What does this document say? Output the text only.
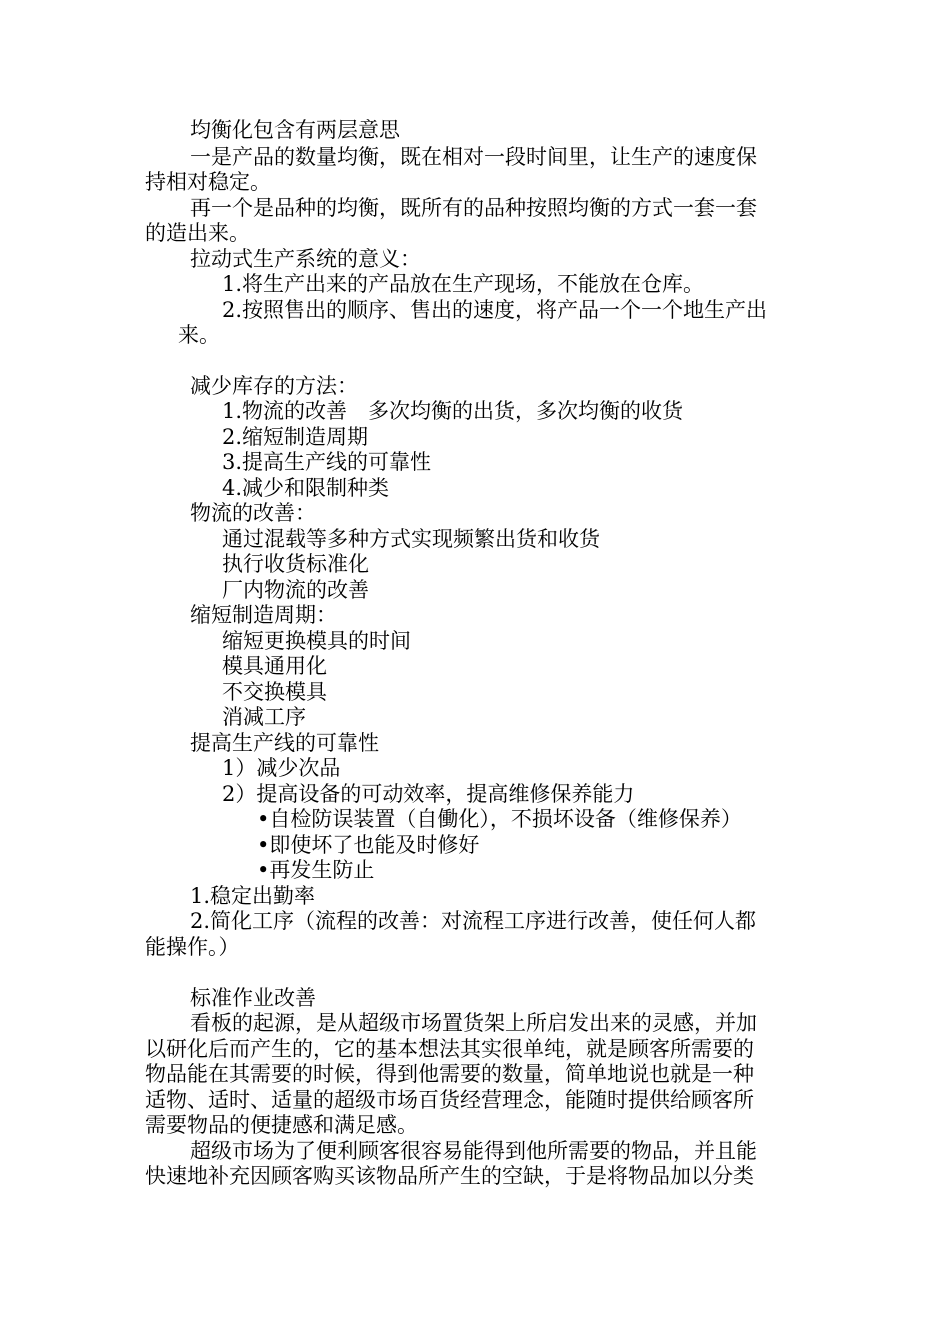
均衡化包含有两层意思
一是产品的数量均衡，既在相对一段时间里，让生产的速度保
持相对稳定。
再一个是品种的均衡，既所有的品种按照均衡的方式一套一套
的造出来。
拉动式生产系统的意义：
1.将生产出来的产品放在生产现场，不能放在仓库。
2.按照售出的顺序、售出的速度，将产品一个一个地生产出
来。
减少库存的方法：
1.物流的改善　多次均衡的出货，多次均衡的收货
2.缩短制造周期
3.提高生产线的可靠性
4.减少和限制种类
物流的改善：
通过混载等多种方式实现频繁出货和收货
执行收货标准化
厂内物流的改善
缩短制造周期：
缩短更换模具的时间
模具通用化
不交换模具
消减工序
提高生产线的可靠性
1）减少次品
2）提高设备的可动效率，提高维修保养能力
•自检防误装置（自働化），不损坏设备（维修保养）
•即使坏了也能及时修好
•再发生防止
1.稳定出勤率
2.简化工序（流程的改善：对流程工序进行改善，使任何人都
能操作。）
标准作业改善
看板的起源，是从超级市场置货架上所启发出来的灵感，并加
以研化后而产生的，它的基本想法其实很单纯，就是顾客所需要的
物品能在其需要的时候，得到他需要的数量，简单地说也就是一种
适物、适时、适量的超级市场百货经营理念，能随时提供给顾客所
需要物品的便捷感和满足感。
超级市场为了便利顾客很容易能得到他所需要的物品，并且能
快速地补充因顾客购买该物品所产生的空缺，于是将物品加以分类
